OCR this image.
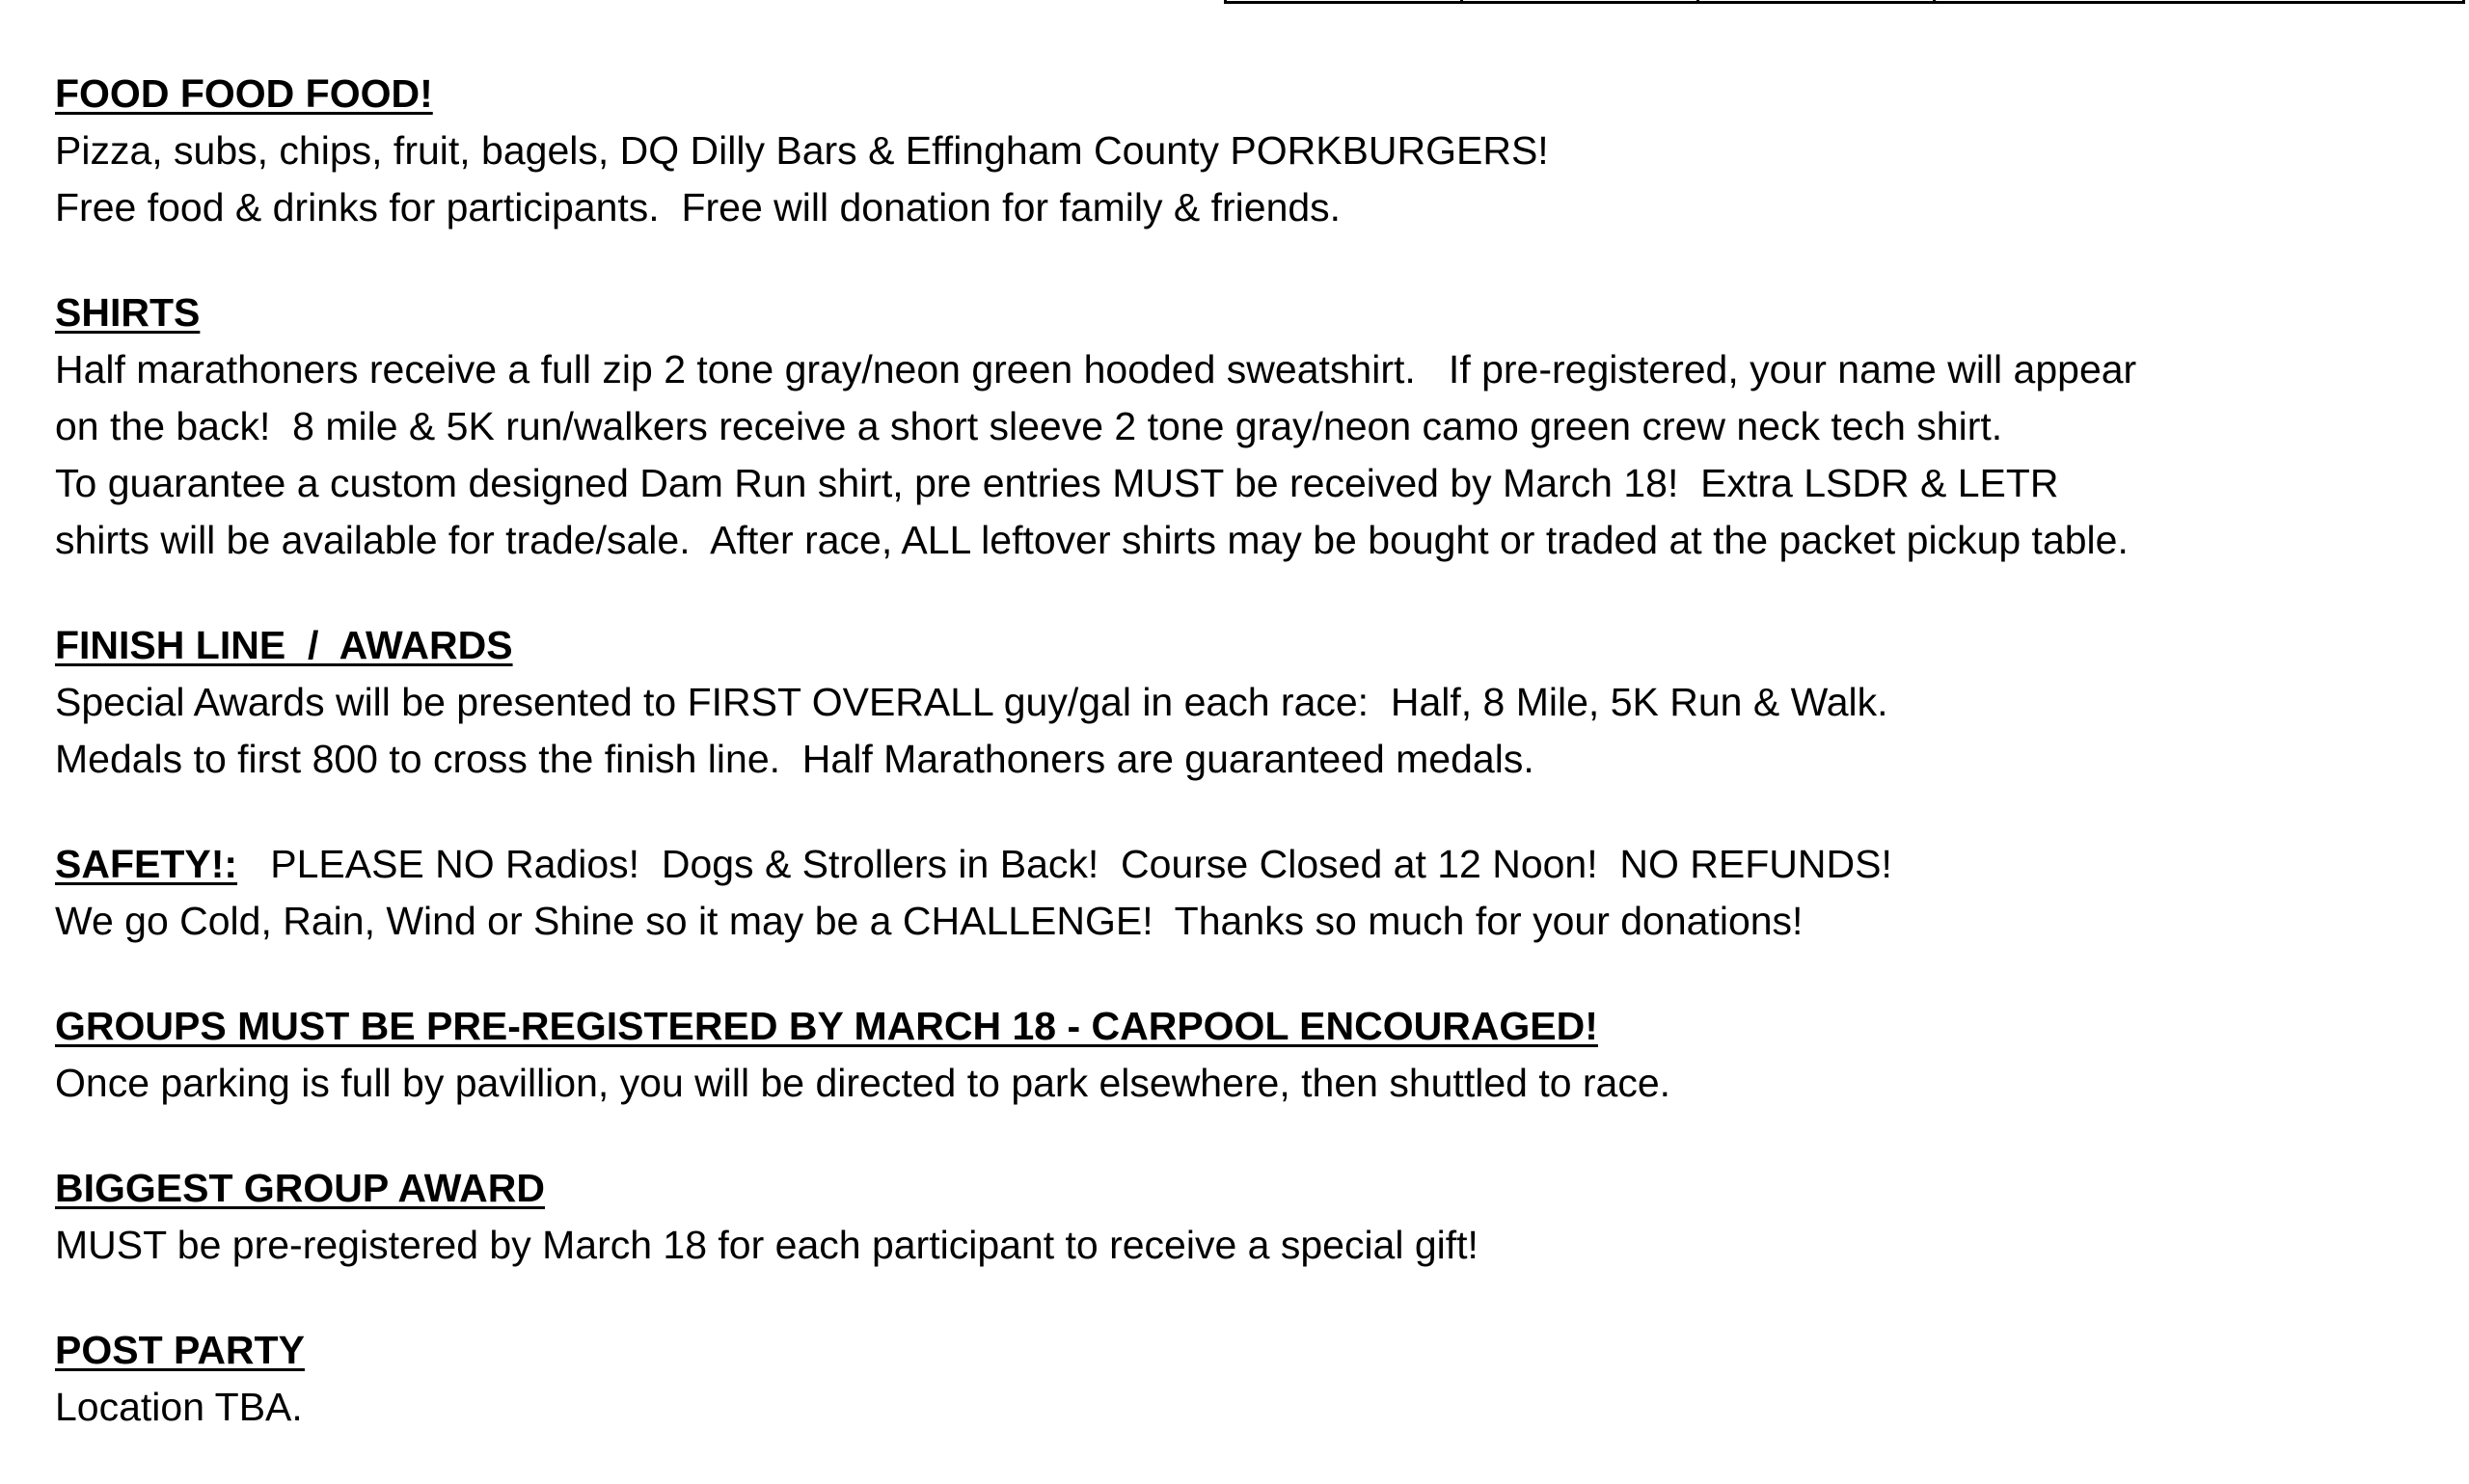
FOOD FOOD FOOD!

Pizza, subs, chips, fruit, bagels, DQ Dilly Bars & Effingham County PORKBURGERS!

Free food & drinks for participants.  Free will donation for family & friends.

SHIRTS

Half marathoners receive a full zip 2 tone gray/neon green hooded sweatshirt.   If pre-registered, your name will appear

on the back!  8 mile & 5K run/walkers receive a short sleeve 2 tone gray/neon camo green crew neck tech shirt.

To guarantee a custom designed Dam Run shirt, pre entries MUST be received by March 18!  Extra LSDR & LETR

shirts will be available for trade/sale.  After race, ALL leftover shirts may be bought or traded at the packet pickup table.

FINISH LINE  /  AWARDS

Special Awards will be presented to FIRST OVERALL guy/gal in each race:  Half, 8 Mile, 5K Run & Walk.

Medals to first 800 to cross the finish line.  Half Marathoners are guaranteed medals.

SAFETY!:   PLEASE NO Radios!  Dogs & Strollers in Back!  Course Closed at 12 Noon!  NO REFUNDS!

We go Cold, Rain, Wind or Shine so it may be a CHALLENGE!  Thanks so much for your donations!

GROUPS MUST BE PRE-REGISTERED BY MARCH 18 - CARPOOL ENCOURAGED!

Once parking is full by pavillion, you will be directed to park elsewhere, then shuttled to race.

BIGGEST GROUP AWARD

MUST be pre-registered by March 18 for each participant to receive a special gift!

POST PARTY

Location TBA.
